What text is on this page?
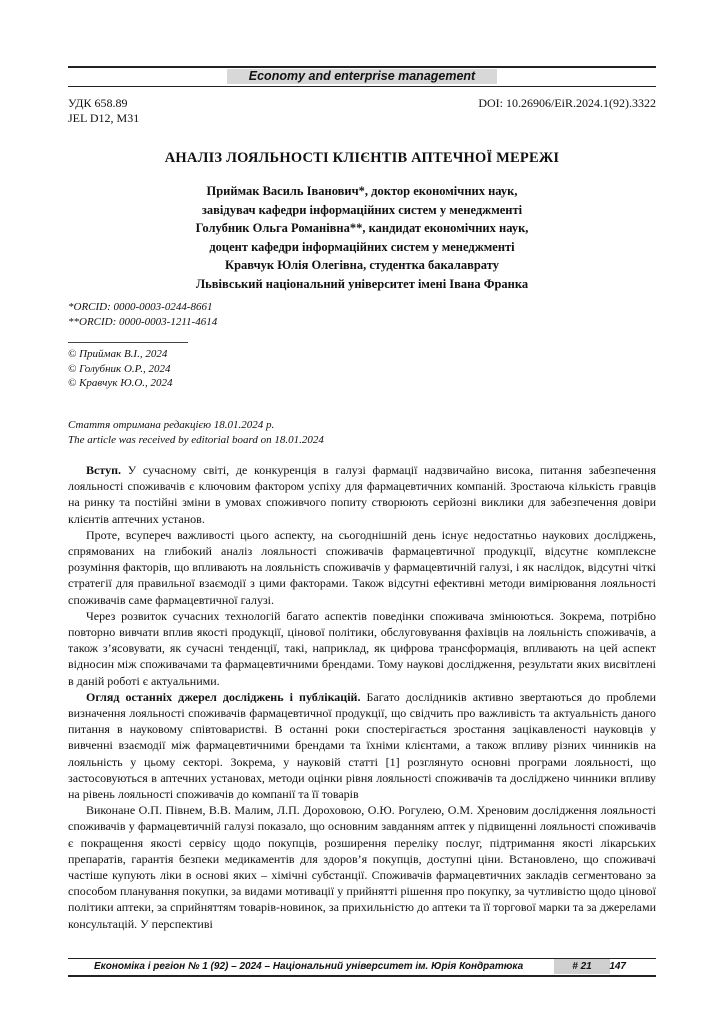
Economy and enterprise management
УДК 658.89
JEL D12, M31
DOI: 10.26906/EiR.2024.1(92).3322
АНАЛІЗ ЛОЯЛЬНОСТІ КЛІЄНТІВ АПТЕЧНОЇ МЕРЕЖІ
Приймак Василь Іванович*, доктор економічних наук,
завідувач кафедри інформаційних систем у менеджменті
Голубник Ольга Романівна**, кандидат економічних наук,
доцент кафедри інформаційних систем у менеджменті
Кравчук Юлія Олегівна, студентка бакалаврату
Львівський національний університет імені Івана Франка
*ORCID: 0000-0003-0244-8661
**ORCID: 0000-0003-1211-4614
© Приймак В.І., 2024
© Голубник О.Р., 2024
© Кравчук Ю.О., 2024
Стаття отримана редакцією 18.01.2024 р.
The article was received by editorial board on 18.01.2024

Вступ. У сучасному світі, де конкуренція в галузі фармації надзвичайно висока, питання забезпечення лояльності споживачів є ключовим фактором успіху для фармацевтичних компаній. Зростаюча кількість гравців на ринку та постійні зміни в умовах споживчого попиту створюють серйозні виклики для забезпечення довіри клієнтів аптечних установ.

Проте, всупереч важливості цього аспекту, на сьогоднішній день існує недостатньо наукових досліджень, спрямованих на глибокий аналіз лояльності споживачів фармацевтичної продукції, відсутнє комплексне розуміння факторів, що впливають на лояльність споживачів у фармацевтичній галузі, і як наслідок, відсутні чіткі стратегії для правильної взаємодії з цими факторами. Також відсутні ефективні методи вимірювання лояльності споживачів саме фармацевтичної галузі.

Через розвиток сучасних технологій багато аспектів поведінки споживача змінюються. Зокрема, потрібно повторно вивчати вплив якості продукції, цінової політики, обслуговування фахівців на лояльність споживачів, а також з’ясовувати, як сучасні тенденції, такі, наприклад, як цифрова трансформація, впливають на цей аспект відносин між споживачами та фармацевтичними брендами. Тому наукові дослідження, результати яких висвітлені в даній роботі є актуальними.

Огляд останніх джерел досліджень і публікацій. Багато дослідників активно звертаються до проблеми визначення лояльності споживачів фармацевтичної продукції, що свідчить про важливість та актуальність даного питання в науковому співтоваристві. В останні роки спостерігається зростання зацікавленості науковців у вивченні взаємодії між фармацевтичними брендами та їхніми клієнтами, а також впливу різних чинників на лояльність у цьому секторі. Зокрема, у науковій статті [1] розглянуто основні програми лояльності, що застосовуються в аптечних установах, методи оцінки рівня лояльності споживачів та досліджено чинники впливу на рівень лояльності споживачів до компанії та її товарів

Виконане О.П. Півнем, В.В. Малим, Л.П. Дороховою, О.Ю. Рогулею, О.М. Хреновим дослідження лояльності споживачів у фармацевтичній галузі показало, що основним завданням аптек у підвищенні лояльності споживачів є покращення якості сервісу щодо покупців, розширення переліку послуг, підтримання якості лікарських препаратів, гарантія безпеки медикаментів для здоров’я покупців, доступні ціни. Встановлено, що споживачі частіше купують ліки в основі яких – хімічні субстанції. Споживачів фармацевтичних закладів сегментовано за способом планування покупки, за видами мотивації у прийнятті рішення про покупку, за чутливістю щодо цінової політики аптеки, за сприйняттям товарів-новинок, за прихильністю до аптеки та її торгової марки та за джерелами консультацій. У перспективі

Економіка і регіон № 1 (92) – 2024 – Національний університет ім. Юрія Кондратюка	# 21	147
